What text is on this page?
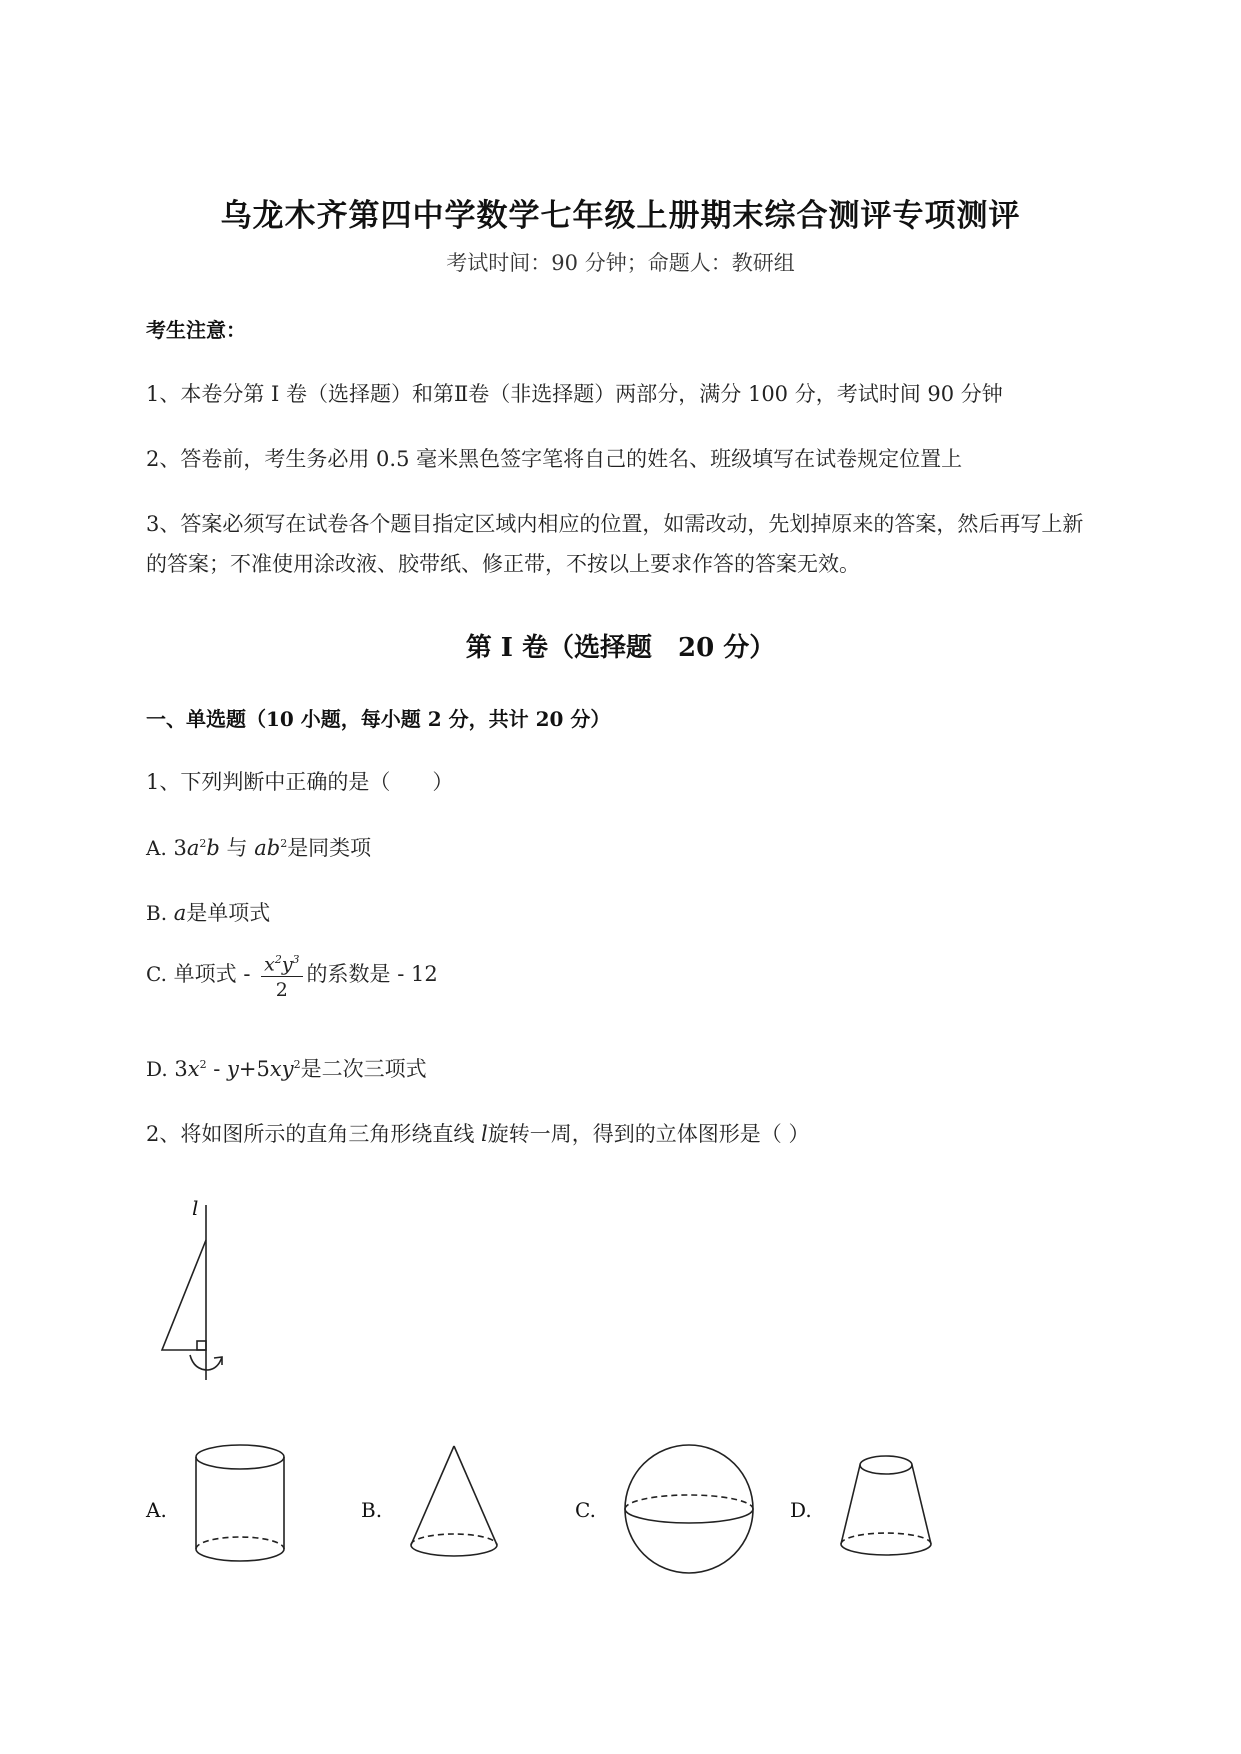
乌龙木齐第四中学数学七年级上册期末综合测评专项测评
考试时间：90 分钟；命题人：教研组
考生注意：
1、本卷分第 I 卷（选择题）和第Ⅱ卷（非选择题）两部分，满分 100 分，考试时间 90 分钟
2、答卷前，考生务必用 0.5 毫米黑色签字笔将自己的姓名、班级填写在试卷规定位置上
3、答案必须写在试卷各个题目指定区域内相应的位置，如需改动，先划掉原来的答案，然后再写上新
的答案；不准使用涂改液、胶带纸、修正带，不按以上要求作答的答案无效。
第 I 卷（选择题　20 分）
一、单选题（10 小题，每小题 2 分，共计 20 分）
1、下列判断中正确的是（　　）
A. $3a^2b$ 与 $ab^2$是同类项
B. a是单项式
C. 单项式 - $\frac{x^2y^3}{2}$ 的系数是 - 12
D. $3x^2 - y+5xy^2$是二次三项式
2、将如图所示的直角三角形绕直线 l旋转一周，得到的立体图形是（ ）
l
A.	B.	C.	D.
